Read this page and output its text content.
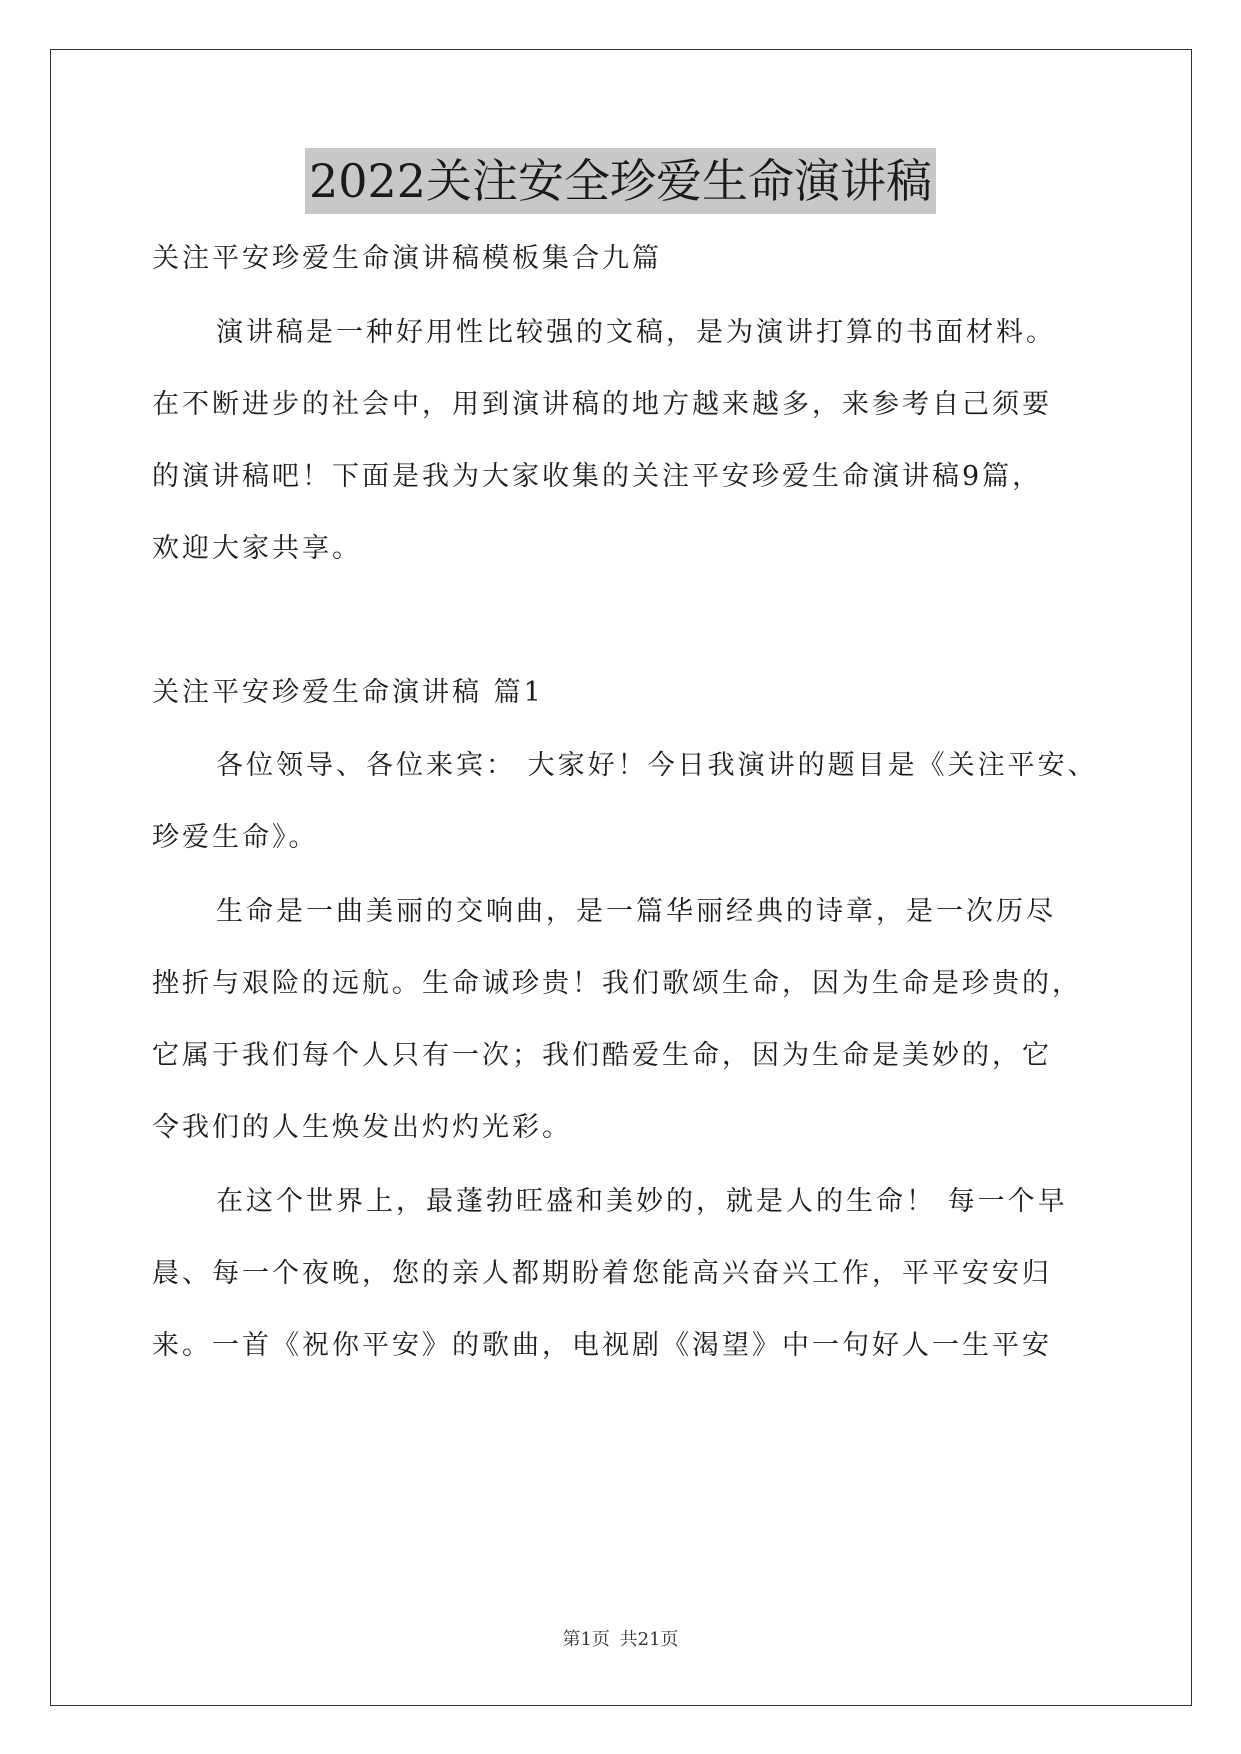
2022关注安全珍爱生命演讲稿
关注平安珍爱生命演讲稿模板集合九篇
演讲稿是一种好用性比较强的文稿，是为演讲打算的书面材料。
在不断进步的社会中，用到演讲稿的地方越来越多，来参考自己须要
的演讲稿吧！下面是我为大家收集的关注平安珍爱生命演讲稿9篇，
欢迎大家共享。
关注平安珍爱生命演讲稿 篇1
各位领导、各位来宾： 大家好！今日我演讲的题目是《关注平安、
珍爱生命》。
生命是一曲美丽的交响曲，是一篇华丽经典的诗章，是一次历尽
挫折与艰险的远航。生命诚珍贵！我们歌颂生命，因为生命是珍贵的，
它属于我们每个人只有一次；我们酷爱生命，因为生命是美妙的，它
令我们的人生焕发出灼灼光彩。
在这个世界上，最蓬勃旺盛和美妙的，就是人的生命！ 每一个早
晨、每一个夜晚，您的亲人都期盼着您能高兴奋兴工作，平平安安归
来。一首《祝你平安》的歌曲，电视剧《渴望》中一句好人一生平安
第1页 共21页
